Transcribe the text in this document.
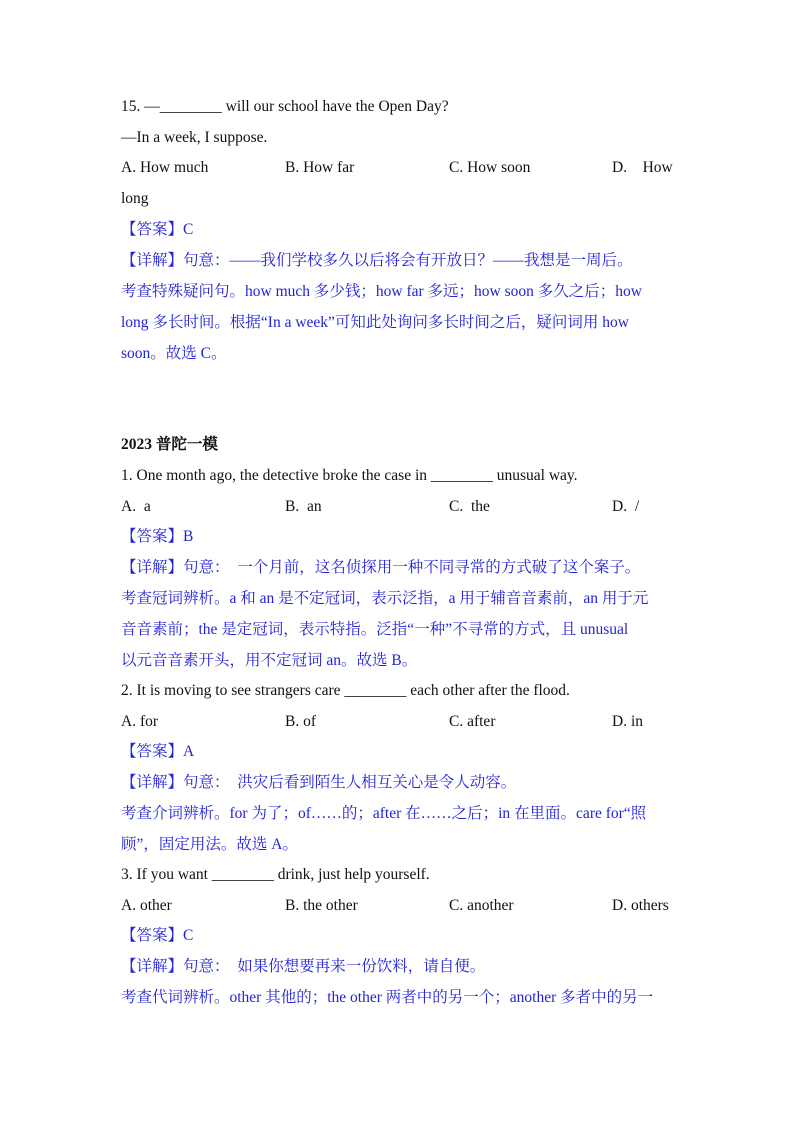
15. —________ will our school have the Open Day?
—In a week, I suppose.
A. How much	B. How far	C. How soon	D.    How
long
【答案】C
【详解】句意：——我们学校多久以后将会有开放日？——我想是一周后。
考查特殊疑问句。how much 多少钱；how far 多远；how soon 多久之后；how
long 多长时间。根据“In a week”可知此处询问多长时间之后，疑问词用 how
soon。故选 C。
2023 普陀一模
1. One month ago, the detective broke the case in ________ unusual way.
A.  a	B.  an	C.  the	D.  /
【答案】B
【详解】句意：  一个月前，这名侦探用一种不同寻常的方式破了这个案子。
考查冠词辨析。a 和 an 是不定冠词，表示泛指，a 用于辅音音素前，an 用于元
音音素前；the 是定冠词，表示特指。泛指“一种”不寻常的方式，且 unusual
以元音音素开头，用不定冠词 an。故选 B。
2. It is moving to see strangers care ________ each other after the flood.
A. for	B. of	C. after	D. in
【答案】A
【详解】句意：  洪灾后看到陌生人相互关心是令人动容。
考查介词辨析。for 为了；of……的；after 在……之后；in 在里面。care for“照
顾”，固定用法。故选 A。
3. If you want ________ drink, just help yourself.
A. other	B. the other	C. another	D. others
【答案】C
【详解】句意：  如果你想要再来一份饮料，请自便。
考查代词辨析。other 其他的；the other 两者中的另一个；another 多者中的另一
